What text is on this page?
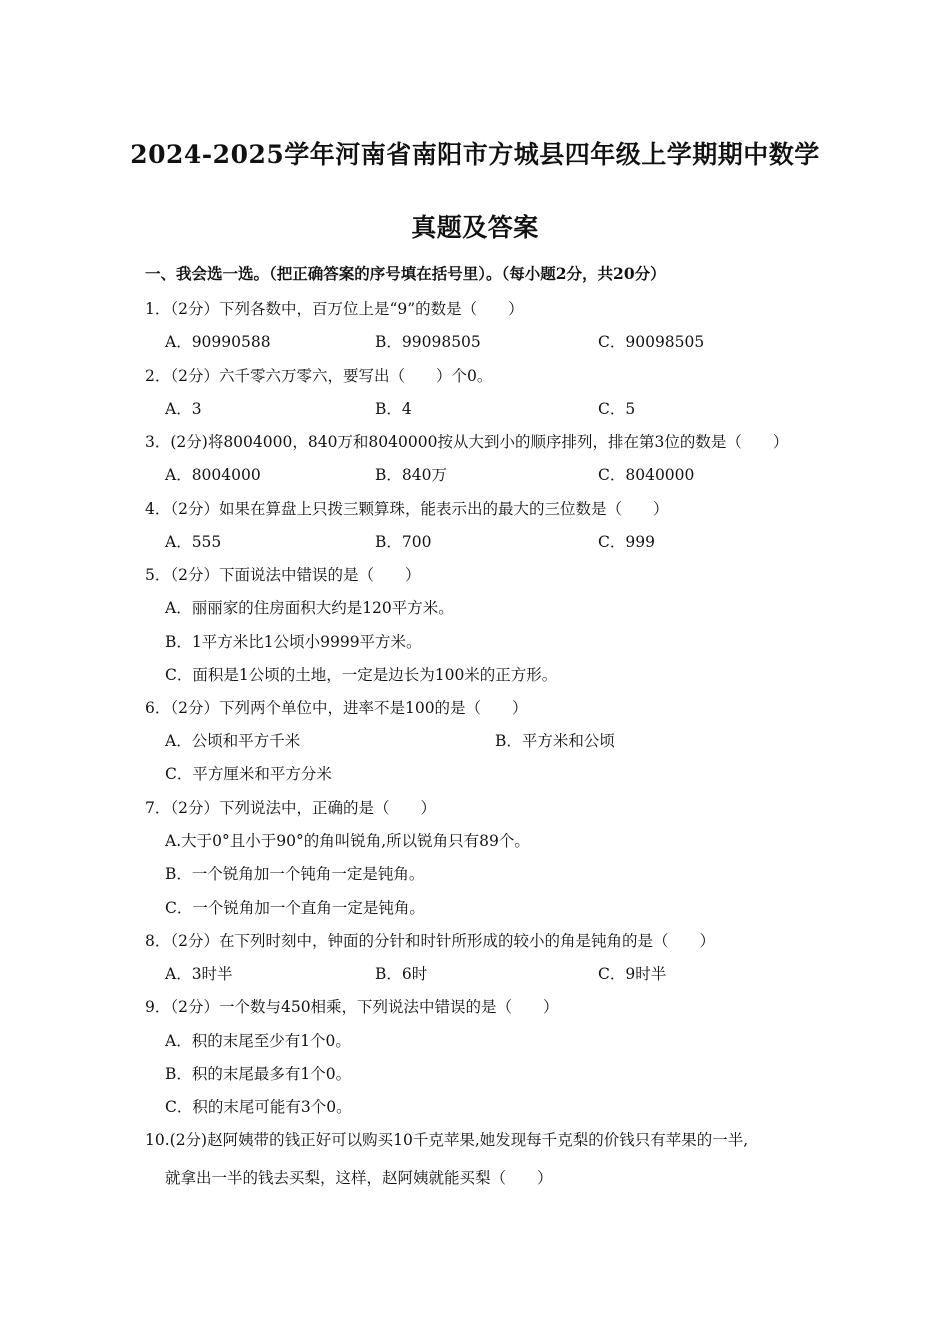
2024-2025学年河南省南阳市方城县四年级上学期期中数学
真题及答案
一、我会选一选。（把正确答案的序号填在括号里）。（每小题2分，共20分）
1．（2分）下列各数中，百万位上是“9”的数是（　　）
A．90990588	B．99098505	C．90098505
2．（2分）六千零六万零六，要写出（　　）个0。
A．3	B．4	C．5
3．(2分)将8004000，840万和8040000按从大到小的顺序排列，排在第3位的数是（　　）
A．8004000	B．840万	C．8040000
4．（2分）如果在算盘上只拨三颗算珠，能表示出的最大的三位数是（　　）
A．555	B．700	C．999
5．（2分）下面说法中错误的是（　　）
A．丽丽家的住房面积大约是120平方米。
B．1平方米比1公顷小9999平方米。
C．面积是1公顷的土地，一定是边长为100米的正方形。
6．（2分）下列两个单位中，进率不是100的是（　　）
A．公顷和平方千米	B．平方米和公顷
C．平方厘米和平方分米
7．（2分）下列说法中，正确的是（　　）
A.大于0°且小于90°的角叫锐角,所以锐角只有89个。
B．一个锐角加一个钝角一定是钝角。
C．一个锐角加一个直角一定是钝角。
8．（2分）在下列时刻中，钟面的分针和时针所形成的较小的角是钝角的是（　　）
A．3时半	B．6时	C．9时半
9．（2分）一个数与450相乘，下列说法中错误的是（　　）
A．积的末尾至少有1个0。
B．积的末尾最多有1个0。
C．积的末尾可能有3个0。
10.(2分)赵阿姨带的钱正好可以购买10千克苹果,她发现每千克梨的价钱只有苹果的一半,
就拿出一半的钱去买梨，这样，赵阿姨就能买梨（　　）
